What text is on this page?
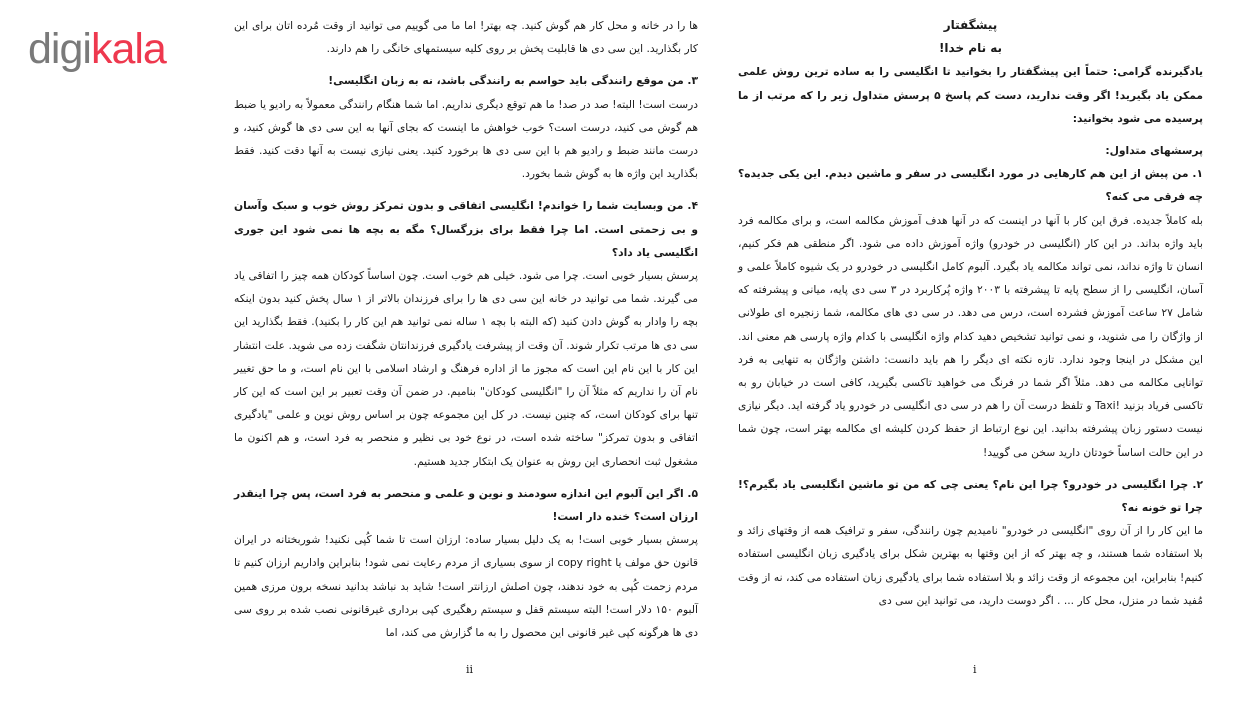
digikala	ها را در خانه و محل کار هم گوش کنید. چه بهتر! اما ما می گوییم می توانید از وقت مُرده اتان برای این کار بگذارید. این سی دی ها قابلیت پخش بر روی کلیه سیستمهای خانگی را هم دارند.

۳. من موقع رانندگی باید حواسم به رانندگی باشد، نه به زبان انگلیسی!

درست است! البته! صد در صد! ما هم توقع دیگری نداریم. اما شما هنگام رانندگی معمولاً به رادیو یا ضبط هم گوش می کنید، درست است؟ خوب خواهش ما اینست که بجای آنها به این سی دی ها گوش کنید، و درست مانند ضبط و رادیو هم با این سی دی ها برخورد کنید. یعنی نیازی نیست به آنها دقت کنید. فقط بگذارید این واژه ها به گوش شما بخورد.

۴. من وبسایت شما را خواندم! انگلیسی اتفاقی و بدون تمرکز روش خوب و سبک وآسان و بی زحمتی است. اما چرا فقط برای بزرگسال؟ مگه به بچه ها نمی شود این جوری انگلیسی یاد داد؟

پرسش بسیار خوبی است. چرا می شود. خیلی هم خوب است. چون اساساً کودکان همه چیز را اتفاقی یاد می گیرند. شما می توانید در خانه این سی دی ها را برای فرزندان بالاتر از ۱ سال پخش کنید بدون اینکه بچه را وادار به گوش دادن کنید (که البته با بچه ۱ ساله نمی توانید هم این کار را بکنید). فقط بگذارید این سی دی ها مرتب تکرار شوند. آن وقت از پیشرفت یادگیری فرزندانتان شگفت زده می شوید. علت انتشار این کار با این نام این است که مجوز ما از اداره فرهنگ و ارشاد اسلامی با این نام است، و ما حق تغییر نام آن را نداریم که مثلاً آن را "انگلیسی کودکان" بنامیم. در ضمن آن وقت تعبیر بر این است که این کار تنها برای کودکان است، که چنین نیست. در کل این مجموعه چون بر اساس روش نوین و علمی "یادگیری اتفاقی و بدون تمرکز" ساخته شده است، در نوع خود بی نظیر و منحصر به فرد است، و هم اکنون ما مشغول ثبت انحصاری این روش به عنوان یک ابتکار جدید هستیم.

۵. اگر این آلبوم این اندازه سودمند و نوین و علمی و منحصر به فرد است، پس چرا اینقدر ارزان است؟ خنده دار است!

پرسش بسیار خوبی است! به یک دلیل بسیار ساده: ارزان است تا شما کُپی نکنید! شوربختانه در ایران قانون حق مولف یا copy right از سوی بسیاری از مردم رعایت نمی شود! بنابراین واداریم ارزان کنیم تا مردم زحمت کُپی به خود ندهند، چون اصلش ارزانتر است! شاید بد نباشد بدانید نسخه برون مرزی همین آلبوم ۱۵۰ دلار است! البته سیستم قفل و سیستم رهگیری کپی برداری غیرقانونی نصب شده بر روی سی دی ها هرگونه کپی غیر قانونی این محصول را به ما گزارش می کند، اما

پیشگفتار

به نام خدا!

یادگیرنده گرامی: حتماً این پیشگفتار را بخوانید تا انگلیسی را به ساده ترین روش علمی ممکن یاد بگیرید! اگر وقت ندارید، دست کم پاسخ ۵ پرسش متداول زیر را که مرتب از ما پرسیده می شود بخوانید:

پرسشهای متداول:

۱. من پیش از این هم کارهایی در مورد انگلیسی در سفر و ماشین دیدم. این یکی جدیده؟ چه فرقی می کنه؟

بله کاملاً جدیده. فرق این کار با آنها در اینست که در آنها هدف آموزش مکالمه است، و برای مکالمه فرد باید واژه بداند. در این کار (انگلیسی در خودرو) واژه آموزش داده می شود. اگر منطقی هم فکر کنیم، انسان تا واژه نداند، نمی تواند مکالمه یاد بگیرد. آلبوم کامل انگلیسی در خودرو در یک شیوه کاملاً علمی و آسان، انگلیسی را از سطح پایه تا پیشرفته با ۲۰۰۳ واژه پُرکاربرد در ۳ سی دی پایه، میانی و پیشرفته که شامل ۲۷ ساعت آموزش فشرده است، درس می دهد. در سی دی های مکالمه، شما زنجیره ای طولانی از واژگان را می شنوید، و نمی توانید تشخیص دهید کدام واژه انگلیسی با کدام واژه پارسی هم معنی اند. این مشکل در اینجا وجود ندارد. تازه نکته ای دیگر را هم باید دانست: داشتن واژگان به تنهایی به فرد توانایی مکالمه می دهد. مثلاً اگر شما در فرنگ می خواهید تاکسی بگیرید، کافی است در خیابان رو به تاکسی فریاد بزنید !Taxi و تلفظ درست آن را هم در سی دی انگلیسی در خودرو یاد گرفته اید. دیگر نیازی نیست دستور زبان پیشرفته بدانید. این نوع ارتباط از حفظ کردن کلیشه ای مکالمه بهتر است، چون شما در این حالت اساساً خودتان دارید سخن می گویید!

۲. چرا انگلیسی در خودرو؟ چرا این نام؟ یعنی چی که من تو ماشین انگلیسی یاد بگیرم؟! چرا تو خونه نه؟

ما این کار را از آن روی "انگلیسی در خودرو" نامیدیم چون رانندگی، سفر و ترافیک همه از وقتهای زائد و بلا استفاده شما هستند، و چه بهتر که از این وقتها به بهترین شکل برای یادگیری زبان انگلیسی استفاده کنیم! بنابراین، این مجموعه از وقت زائد و بلا استفاده شما برای یادگیری زبان استفاده می کند، نه از وقت مُفید شما در منزل، محل کار ... . اگر دوست دارید، می توانید این سی دی

ii	i
